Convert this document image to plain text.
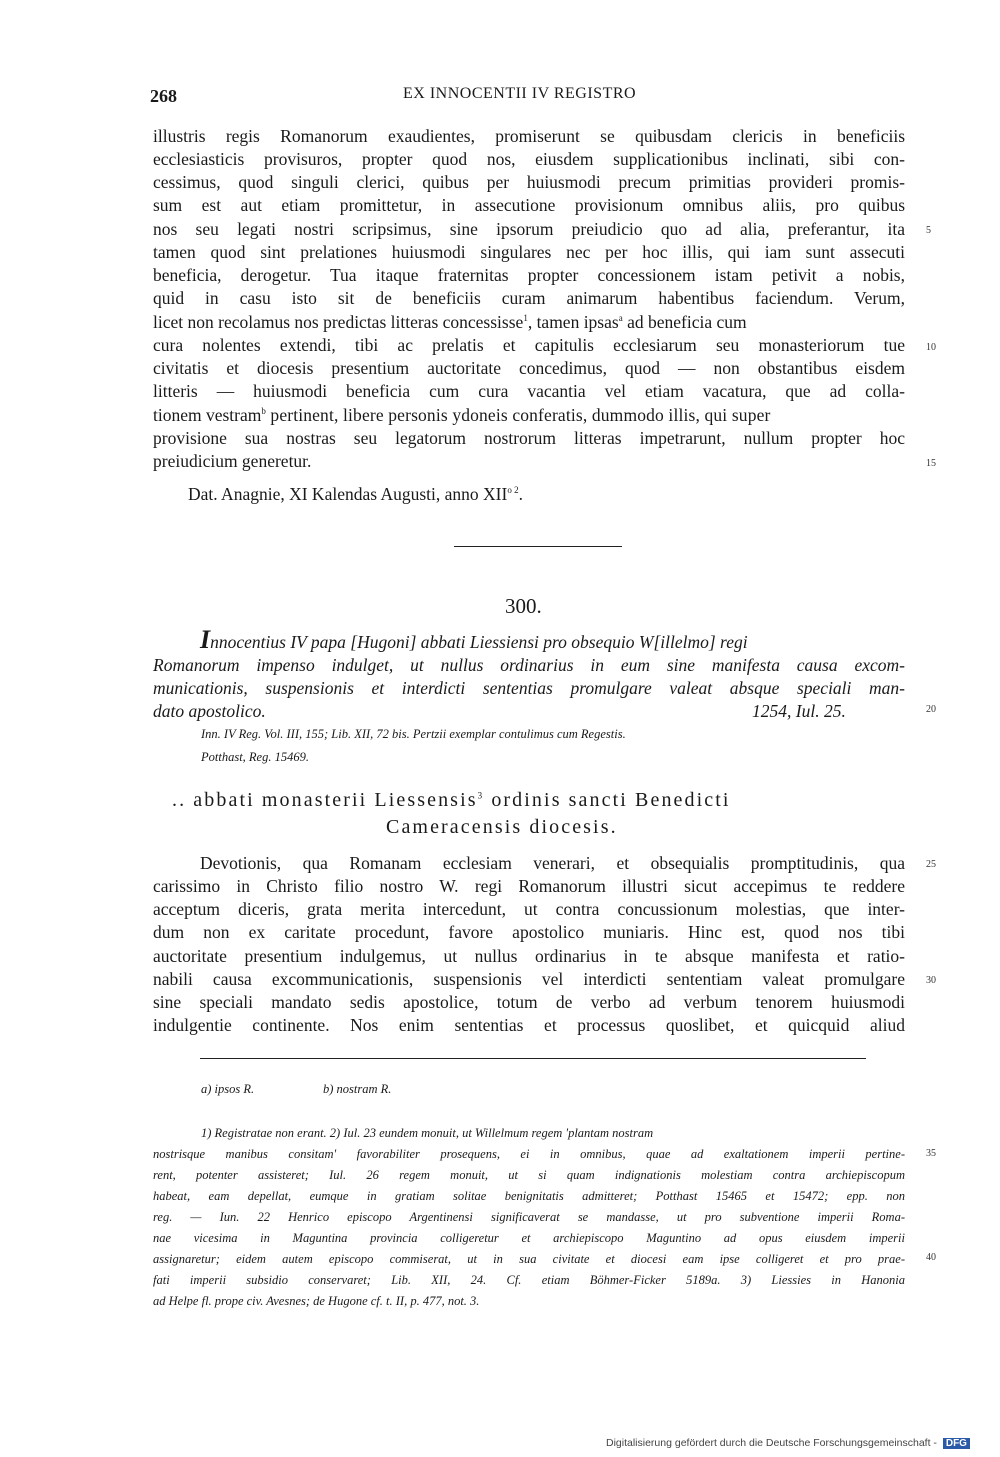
268	EX INNOCENTII IV REGISTRO
illustris regis Romanorum exaudientes, promiserunt se quibusdam clericis in beneficiis
ecclesiasticis provisuros, propter quod nos, eiusdem supplicationibus inclinati, sibi con-
cessimus, quod singuli clerici, quibus per huiusmodi precum primitias provideri promis-
sum est aut etiam promittetur, in assecutione provisionum omnibus aliis, pro quibus
nos seu legati nostri scripsimus, sine ipsorum preiudicio quo ad alia, preferantur, ita
tamen quod sint prelationes huiusmodi singulares nec per hoc illis, qui iam sunt assecuti
beneficia, derogetur. Tua itaque fraternitas propter concessionem istam petivit a nobis,
quid in casu isto sit de beneficiis curam animarum habentibus faciendum. Verum,
licet non recolamus nos predictas litteras concessisse$^1$, tamen ipsas$^a$ ad beneficia cum
cura nolentes extendi, tibi ac prelatis et capitulis ecclesiarum seu monasteriorum tue
civitatis et diocesis presentium auctoritate concedimus, quod — non obstantibus eisdem
litteris — huiusmodi beneficia cum cura vacantia vel etiam vacatura, que ad colla-
tionem vestram$^b$ pertinent, libere personis ydoneis conferatis, dummodo illis, qui super
provisione sua nostras seu legatorum nostrorum litteras impetrarunt, nullum propter hoc
preiudicium generetur.
Dat. Anagnie, XI Kalendas Augusti, anno $XII^{o 2}$.
300.
Innocentius IV papa [Hugoni] abbati Liessiensi pro obsequio W[illelmo] regi
Romanorum impenso indulget, ut nullus ordinarius in eum sine manifesta causa excom-
municationis, suspensionis et interdicti sententias promulgare valeat absque speciali man-
dato apostolico.	1254, Iul. 25.
Inn. IV Reg. Vol. III, 155; Lib. XII, 72 bis. Pertzii exemplar contulimus cum Regestis.
Potthast, Reg. 15469.
.. abbati monasterii Liessensis$^3$ ordinis sancti Benedicti
Cameracensis diocesis.
Devotionis, qua Romanam ecclesiam venerari, et obsequialis promptitudinis, qua
carissimo in Christo filio nostro W. regi Romanorum illustri sicut accepimus te reddere
acceptum diceris, grata merita intercedunt, ut contra concussionum molestias, que inter-
dum non ex caritate procedunt, favore apostolico muniaris. Hinc est, quod nos tibi
auctoritate presentium indulgemus, ut nullus ordinarius in te absque manifesta et ratio-
nabili causa excommunicationis, suspensionis vel interdicti sententiam valeat promulgare
sine speciali mandato sedis apostolice, totum de verbo ad verbum tenorem huiusmodi
indulgentie continente. Nos enim sententias et processus quoslibet, et quicquid aliud
a) ipsos R.	b) nostram R.
1) Registratae non erant. 2) Iul. 23 eundem monuit, ut Willelmum regem 'plantam nostram
nostrisque manibus consitam' favorabiliter prosequens, ei in omnibus, quae ad exaltationem imperii pertine-
rent, potenter assisteret; Iul. 26 regem monuit, ut si quam indignationis molestiam contra archiepiscopum
habeat, eam depellat, eumque in gratiam solitae benignitatis admitteret; Potthast 15465 et 15472; epp. non
reg. — Iun. 22 Henrico episcopo Argentinensi significaverat se mandasse, ut pro subventione imperii Roma-
nae vicesima in Maguntina provincia colligeretur et archiepiscopo Maguntino ad opus eiusdem imperii
assignaretur; eidem autem episcopo commiserat, ut in sua civitate et diocesi eam ipse colligeret et pro prae-
fati imperii subsidio conservaret; Lib. XII, 24. Cf. etiam Böhmer-Ficker 5189a. 3) Liessies in Hanonia
ad Helpe fl. prope civ. Avesnes; de Hugone cf. t. II, p. 477, not. 3.
5
10
15
20
25
30
35
40
Digitalisierung gefördert durch die Deutsche Forschungsgemeinschaft - DFG
